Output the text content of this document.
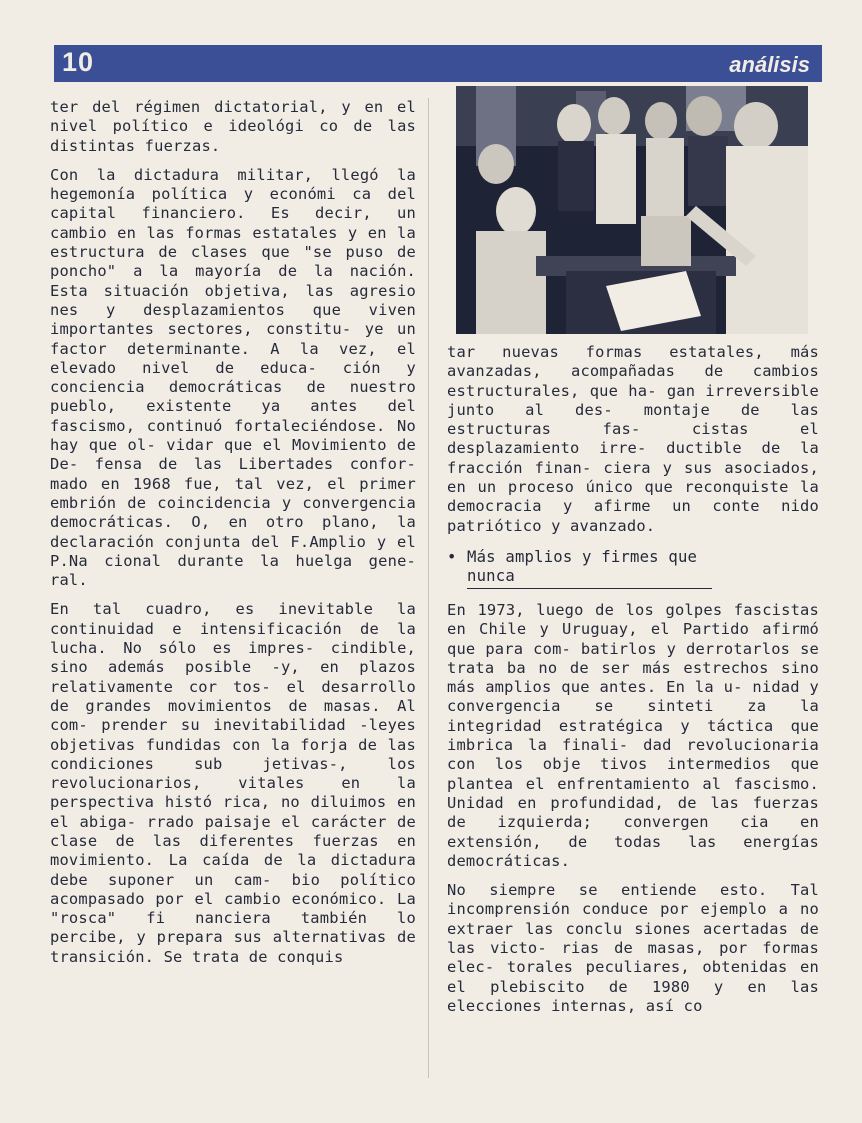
10	análisis

ter del régimen dictatorial, y en el nivel político e ideológi co de las distintas fuerzas.

Con la dictadura militar, llegó la hegemonía política y económi ca del capital financiero. Es decir, un cambio en las formas estatales y en la estructura de clases que "se puso de poncho" a la mayoría de la nación. Esta situación objetiva, las agresio nes y desplazamientos que viven importantes sectores, constitu- ye un factor determinante. A la vez, el elevado nivel de educa- ción y conciencia democráticas de nuestro pueblo, existente ya antes del fascismo, continuó fortaleciéndose. No hay que ol- vidar que el Movimiento de De- fensa de las Libertades confor- mado en 1968 fue, tal vez, el primer embrión de coincidencia y convergencia democráticas. O, en otro plano, la declaración conjunta del F.Amplio y el P.Na cional durante la huelga gene- ral.

En tal cuadro, es inevitable la continuidad e intensificación de la lucha. No sólo es impres- cindible, sino además posible -y, en plazos relativamente cor tos- el desarrollo de grandes movimientos de masas. Al com- prender su inevitabilidad -leyes objetivas fundidas con la forja de las condiciones sub jetivas-, los revolucionarios, vitales en la perspectiva histó rica, no diluimos en el abiga- rrado paisaje el carácter de clase de las diferentes fuerzas en movimiento. La caída de la dictadura debe suponer un cam- bio político acompasado por el cambio económico. La "rosca" fi nanciera también lo percibe, y prepara sus alternativas de transición. Se trata de conquis

tar nuevas formas estatales, más avanzadas, acompañadas de cambios estructurales, que ha- gan irreversible junto al des- montaje de las estructuras fas- cistas el desplazamiento irre- ductible de la fracción finan- ciera y sus asociados, en un proceso único que reconquiste la democracia y afirme un conte nido patriótico y avanzado.

• Más amplios y firmes que nunca

En 1973, luego de los golpes fascistas en Chile y Uruguay, el Partido afirmó que para com- batirlos y derrotarlos se trata ba no de ser más estrechos sino más amplios que antes. En la u- nidad y convergencia se sinteti za la integridad estratégica y táctica que imbrica la finali- dad revolucionaria con los obje tivos intermedios que plantea el enfrentamiento al fascismo. Unidad en profundidad, de las fuerzas de izquierda; convergen cia en extensión, de todas las energías democráticas.

No siempre se entiende esto. Tal incomprensión conduce por ejemplo a no extraer las conclu siones acertadas de las victo- rias de masas, por formas elec- torales peculiares, obtenidas en el plebiscito de 1980 y en las elecciones internas, así co
